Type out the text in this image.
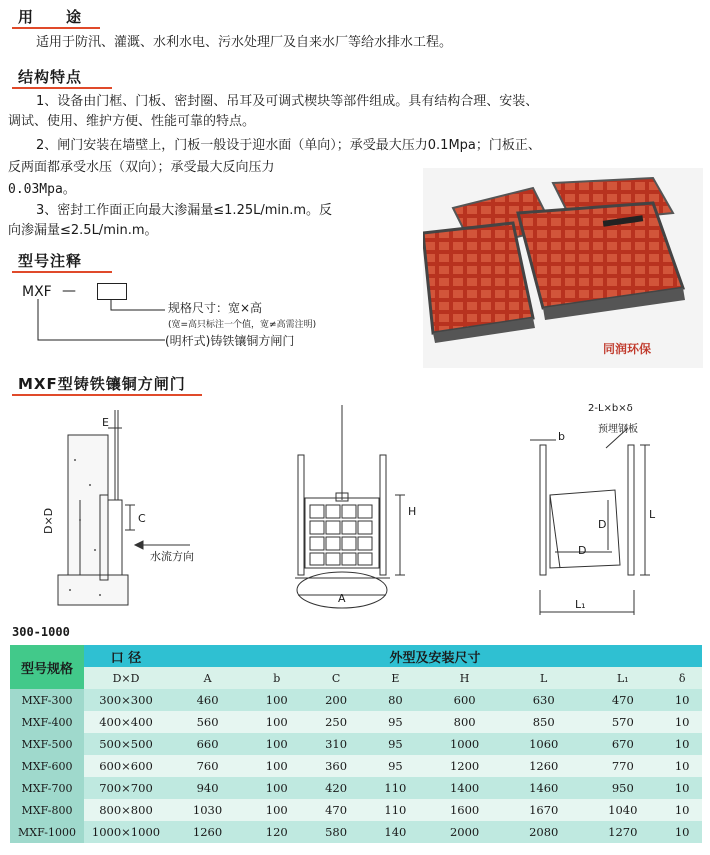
用　　途
适用于防汛、灌溉、水利水电、污水处理厂及自来水厂等给水排水工程。
结构特点
1、设备由门框、门板、密封圈、吊耳及可调式楔块等部件组成。具有结构合理、安装、
调试、使用、维护方便、性能可靠的特点。
2、闸门安装在墙壁上，门板一般设于迎水面（单向）；承受最大压力0.1Mpa；门板正、
反两面都承受水压（双向）；承受最大反向压力
0.03Mpa。
3、密封工作面正向最大渗漏量≤1.25L/min.m。反
向渗漏量≤2.5L/min.m。
型号注释
MXF —
规格尺寸：宽×高
(宽=高只标注一个值，宽≠高需注明)
(明杆式)铸铁镶铜方闸门
同润环保
MXF型铸铁镶铜方闸门
E
C
D×D
水流方向
H
A
b
2-L×b×δ
预埋钢板
D
D
L
L₁
300-1000
型号规格	口 径	外型及安装尺寸							
	D×D	A	b	C	E	H	L	L₁	δ
MXF-300	300×300	460	100	200	80	600	630	470	10
MXF-400	400×400	560	100	250	95	800	850	570	10
MXF-500	500×500	660	100	310	95	1000	1060	670	10
MXF-600	600×600	760	100	360	95	1200	1260	770	10
MXF-700	700×700	940	100	420	110	1400	1460	950	10
MXF-800	800×800	1030	100	470	110	1600	1670	1040	10
MXF-1000	1000×1000	1260	120	580	140	2000	2080	1270	10
